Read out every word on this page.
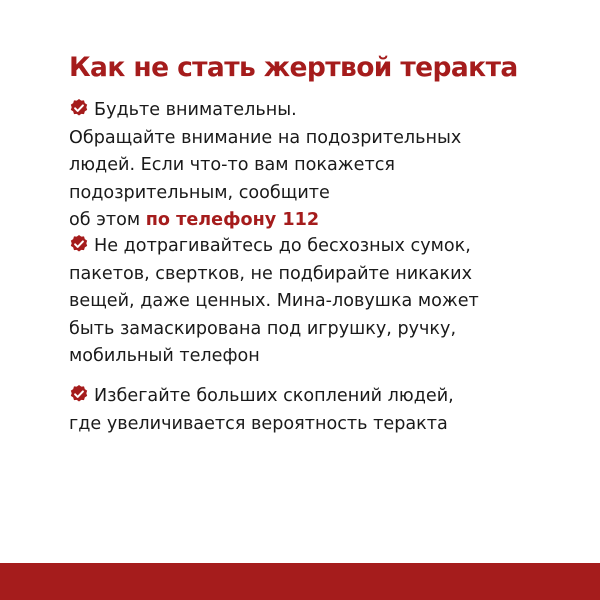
Как не стать жертвой теракта
Будьте внимательны.
Обращайте внимание на подозрительных
людей. Если что-то вам покажется
подозрительным, сообщите
об этом по телефону 112
Не дотрагивайтесь до бесхозных сумок,
пакетов, свертков, не подбирайте никаких
вещей, даже ценных. Мина-ловушка может
быть замаскирована под игрушку, ручку,
мобильный телефон
Избегайте больших скоплений людей,
где увеличивается вероятность теракта
